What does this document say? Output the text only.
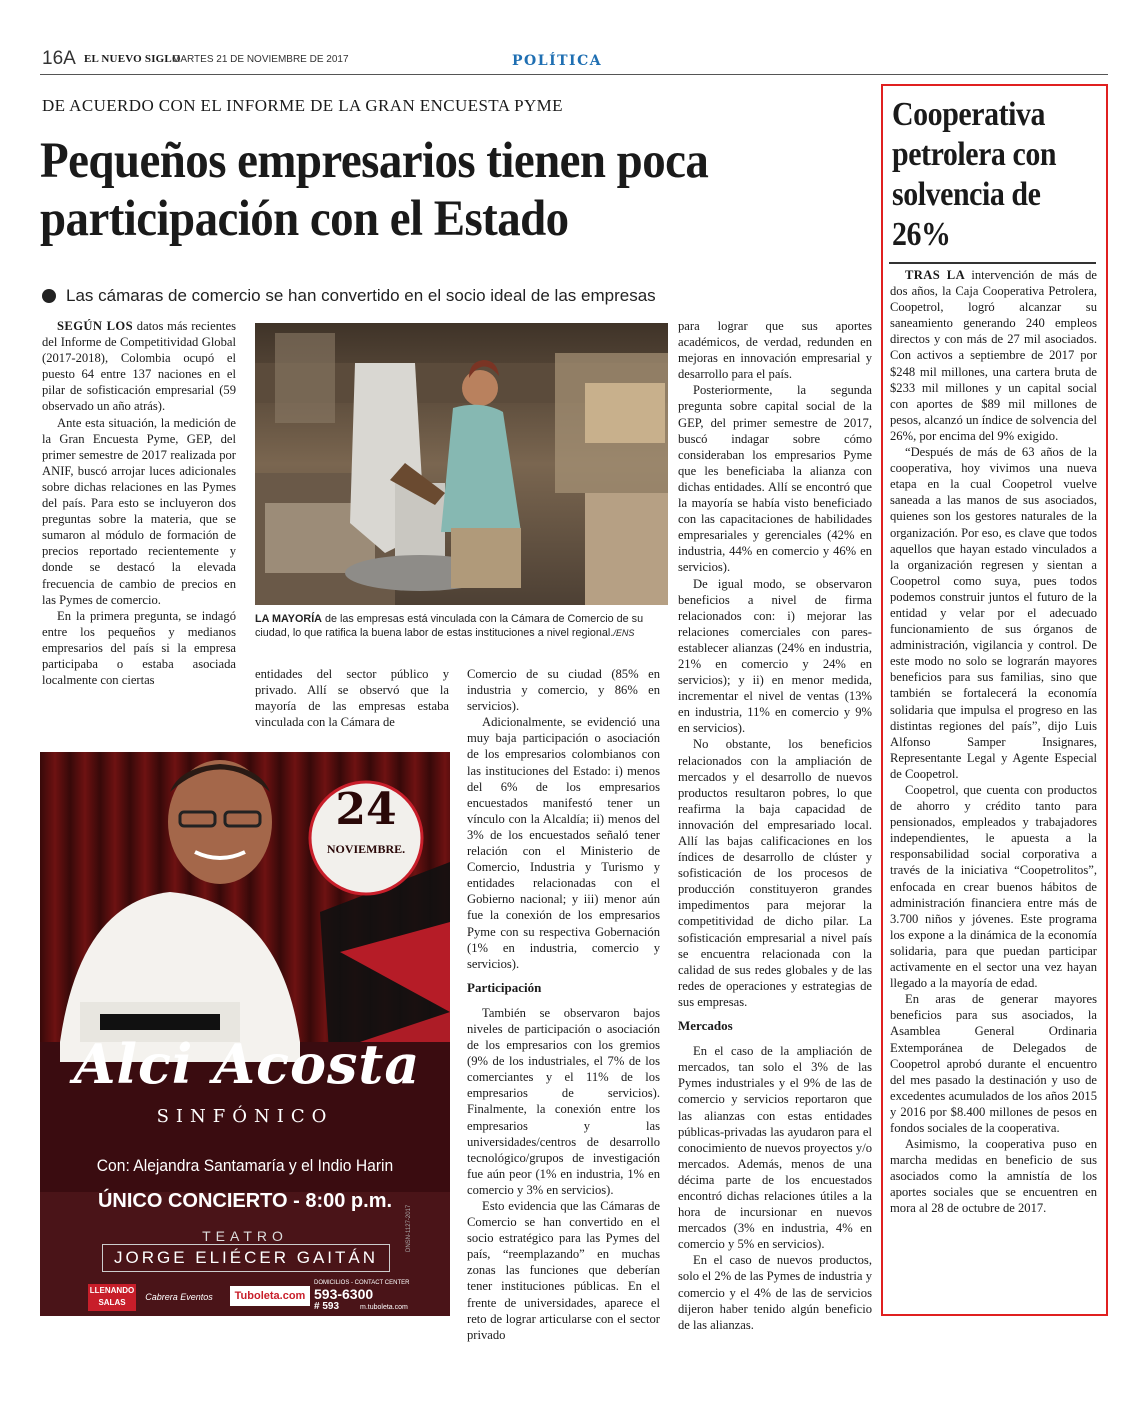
16A EL NUEVO SIGLO
MARTES 21 DE NOVIEMBRE DE 2017	POLÍTICA
DE ACUERDO CON EL INFORME DE LA GRAN ENCUESTA PYME
Pequeños empresarios tienen poca participación con el Estado
Las cámaras de comercio se han convertido en el socio ideal de las empresas

SEGÚN LOS datos más recientes del Informe de Competitividad Global (2017-2018), Colombia ocupó el puesto 64 entre 137 naciones en el pilar de sofisticación empresarial (59 observado un año atrás).

Ante esta situación, la medición de la Gran Encuesta Pyme, GEP, del primer semestre de 2017 realizada por ANIF, buscó arrojar luces adicionales sobre dichas relaciones en las Pymes del país. Para esto se incluyeron dos preguntas sobre la materia, que se sumaron al módulo de formación de precios reportado recientemente y donde se destacó la elevada frecuencia de cambio de precios en las Pymes de comercio.

En la primera pregunta, se indagó entre los pequeños y medianos empresarios del país si la empresa participaba o estaba asociada localmente con ciertas

LA MAYORÍA de las empresas está vinculada con la Cámara de Comercio de su ciudad, lo que ratifica la buena labor de estas instituciones a nivel regional./ENS

entidades del sector público y privado. Allí se observó que la mayoría de las empresas estaba vinculada con la Cámara de

Comercio de su ciudad (85% en industria y comercio, y 86% en servicios).

Adicionalmente, se evidenció una muy baja participación o asociación de los empresarios colombianos con las instituciones del Estado: i) menos del 6% de los empresarios encuestados manifestó tener un vínculo con la Alcaldía; ii) menos del 3% de los encuestados señaló tener relación con el Ministerio de Comercio, Industria y Turismo y entidades relacionadas con el Gobierno nacional; y iii) menor aún fue la conexión de los empresarios Pyme con su respectiva Gobernación (1% en industria, comercio y servicios).

Participación

También se observaron bajos niveles de participación o asociación de los empresarios con los gremios (9% de los industriales, el 7% de los comerciantes y el 11% de los empresarios de servicios). Finalmente, la conexión entre los empresarios y las universidades/centros de desarrollo tecnológico/grupos de investigación fue aún peor (1% en industria, 1% en comercio y 3% en servicios).

Esto evidencia que las Cámaras de Comercio se han convertido en el socio estratégico para las Pymes del país, “reemplazando” en muchas zonas las funciones que deberían tener instituciones públicas. En el frente de universidades, aparece el reto de lograr articularse con el sector privado

para lograr que sus aportes académicos, de verdad, redunden en mejoras en innovación empresarial y desarrollo para el país.

Posteriormente, la segunda pregunta sobre capital social de la GEP, del primer semestre de 2017, buscó indagar sobre cómo consideraban los empresarios Pyme que les beneficiaba la alianza con dichas entidades. Allí se encontró que la mayoría se había visto beneficiado con las capacitaciones de habilidades empresariales y gerenciales (42% en industria, 44% en comercio y 46% en servicios).

De igual modo, se observaron beneficios a nivel de firma relacionados con: i) mejorar las relaciones comerciales con pares-establecer alianzas (24% en industria, 21% en comercio y 24% en servicios); y ii) en menor medida, incrementar el nivel de ventas (13% en industria, 11% en comercio y 9% en servicios).

No obstante, los beneficios relacionados con la ampliación de mercados y el desarrollo de nuevos productos resultaron pobres, lo que reafirma la baja capacidad de innovación del empresariado local. Allí las bajas calificaciones en los índices de desarrollo de clúster y sofisticación de los procesos de producción constituyeron grandes impedimentos para mejorar la competitividad de dicho pilar. La sofisticación empresarial a nivel país se encuentra relacionada con la calidad de sus redes globales y de las redes de operaciones y estrategias de sus empresas.

Mercados

En el caso de la ampliación de mercados, tan solo el 3% de las Pymes industriales y el 9% de las de comercio y servicios reportaron que las alianzas con estas entidades públicas-privadas las ayudaron para el conocimiento de nuevos proyectos y/o mercados. Además, menos de una décima parte de los encuestados encontró dichas relaciones útiles a la hora de incursionar en nuevos mercados (3% en industria, 4% en comercio y 5% en servicios).

En el caso de nuevos productos, solo el 2% de las Pymes de industria y comercio y el 4% de las de servicios dijeron haber tenido algún beneficio de las alianzas.

24
NOVIEMBRE.
Alci Acosta
SINFÓNICO
Con: Alejandra Santamaría y el Indio Harin
ÚNICO CONCIERTO - 8:00 p.m.
TEATRO
JORGE ELIÉCER GAITÁN
LLENANDO SALAS
Cabrera Eventos	Tuboleta.com
DOMICILIOS - CONTACT CENTER
593-6300
# 593	m.tuboleta.com
DNSN-1127-2017
Cooperativa petrolera con solvencia de 26%

TRAS LA intervención de más de dos años, la Caja Cooperativa Petrolera, Coopetrol, logró alcanzar su saneamiento generando 240 empleos directos y con más de 27 mil asociados. Con activos a septiembre de 2017 por $248 mil millones, una cartera bruta de $233 mil millones y un capital social con aportes de $89 mil millones de pesos, alcanzó un índice de solvencia del 26%, por encima del 9% exigido.

“Después de más de 63 años de la cooperativa, hoy vivimos una nueva etapa en la cual Coopetrol vuelve saneada a las manos de sus asociados, quienes son los gestores naturales de la organización. Por eso, es clave que todos aquellos que hayan estado vinculados a la organización regresen y sientan a Coopetrol como suya, pues todos podemos construir juntos el futuro de la entidad y velar por el adecuado funcionamiento de sus órganos de administración, vigilancia y control. De este modo no solo se lograrán mayores beneficios para sus familias, sino que también se fortalecerá la economía solidaria que impulsa el progreso en las distintas regiones del país”, dijo Luis Alfonso Samper Insignares, Representante Legal y Agente Especial de Coopetrol.

Coopetrol, que cuenta con productos de ahorro y crédito tanto para pensionados, empleados y trabajadores independientes, le apuesta a la responsabilidad social corporativa a través de la iniciativa “Coopetrolitos”, enfocada en crear buenos hábitos de administración financiera entre más de 3.700 niños y jóvenes. Este programa los expone a la dinámica de la economía solidaria, para que puedan participar activamente en el sector una vez hayan llegado a la mayoría de edad.

En aras de generar mayores beneficios para sus asociados, la Asamblea General Ordinaria Extemporánea de Delegados de Coopetrol aprobó durante el encuentro del mes pasado la destinación y uso de excedentes acumulados de los años 2015 y 2016 por $8.400 millones de pesos en fondos sociales de la cooperativa.

Asimismo, la cooperativa puso en marcha medidas en beneficio de sus asociados como la amnistía de los aportes sociales que se encuentren en mora al 28 de octubre de 2017.
